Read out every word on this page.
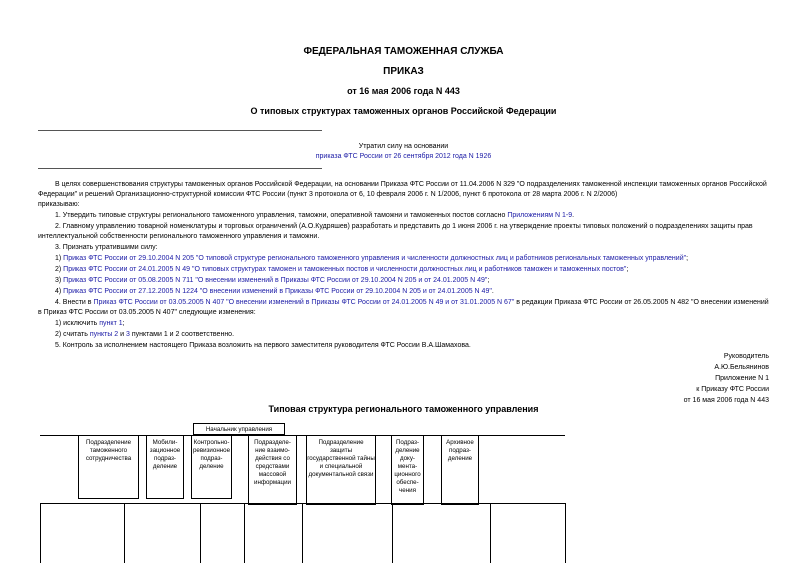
ФЕДЕРАЛЬНАЯ ТАМОЖЕННАЯ СЛУЖБА
ПРИКАЗ
от 16 мая 2006 года N 443
О типовых структурах таможенных органов Российской Федерации
Утратил силу на основании
приказа ФТС России от 26 сентября 2012 года N 1926
В целях совершенствования структуры таможенных органов Российской Федерации, на основании Приказа ФТС России от 11.04.2006 N 329 "О подразделениях таможенной инспекции таможенных органов Российской Федерации" и решений Организационно-структурной комиссии ФТС России (пункт 3 протокола от 6, 10 февраля 2006 г. N 1/2006, пункт 6 протокола от 28 марта 2006 г. N 2/2006)
приказываю:
1. Утвердить типовые структуры регионального таможенного управления, таможни, оперативной таможни и таможенных постов согласно Приложениям N 1-9.
2. Главному управлению товарной номенклатуры и торговых ограничений (А.О.Кудряшев) разработать и представить до 1 июня 2006 г. на утверждение проекты типовых положений о подразделениях защиты прав интеллектуальной собственности регионального таможенного управления и таможни.
3. Признать утратившими силу:
1) Приказ ФТС России от 29.10.2004 N 205 "О типовой структуре регионального таможенного управления и численности должностных лиц и работников региональных таможенных управлений";
2) Приказ ФТС России от 24.01.2005 N 49 "О типовых структурах таможен и таможенных постов и численности должностных лиц и работников таможен и таможенных постов";
3) Приказ ФТС России от 05.08.2005 N 711 "О внесении изменений в Приказы ФТС России от 29.10.2004 N 205 и от 24.01.2005 N 49";
4) Приказ ФТС России от 27.12.2005 N 1224 "О внесении изменений в Приказы ФТС России от 29.10.2004 N 205 и от 24.01.2005 N 49".
4. Внести в Приказ ФТС России от 03.05.2005 N 407 "О внесении изменений в Приказы ФТС России от 24.01.2005 N 49 и от 31.01.2005 N 67" в редакции Приказа ФТС России от 26.05.2005 N 482 "О внесении изменений в Приказ ФТС России от 03.05.2005 N 407" следующие изменения:
1) исключить пункт 1;
2) считать пункты 2 и 3 пунктами 1 и 2 соответственно.
5. Контроль за исполнением настоящего Приказа возложить на первого заместителя руководителя ФТС России В.А.Шамахова.
Руководитель
А.Ю.Бельянинов
Приложение N 1
к Приказу ФТС России
от 16 мая 2006 года N 443
Типовая структура регионального таможенного управления
Начальник управления
Подразделение таможенного сотрудничества
Мобили-зационное подраз-деление
Контрольно-ревизионное подраз-деление
Подразделе-ние взаимо-действия со средствами массовой информации
Подразделение защиты государственной тайны и специальной документальной связи
Подраз-деление доку-мента-ционного обеспе-чения
Архивное подраз-деление
